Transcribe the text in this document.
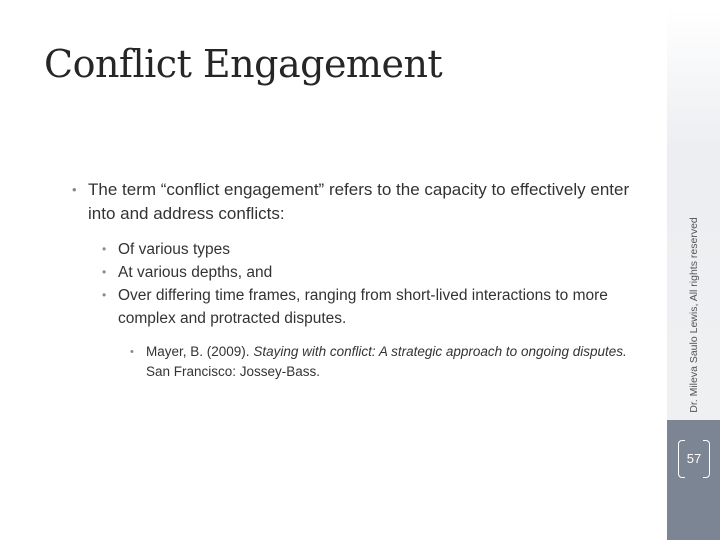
Dr. Mileva Saulo Lewis, All rights reserved
Conflict Engagement

• The term “conflict engagement” refers to the capacity to effectively enter into and address conflicts:

• Of various types
• At various depths, and
• Over differing time frames, ranging from short-lived interactions to more complex and protracted disputes.
• Mayer, B. (2009). Staying with conflict: A strategic approach to ongoing disputes. San Francisco: Jossey-Bass.
57
